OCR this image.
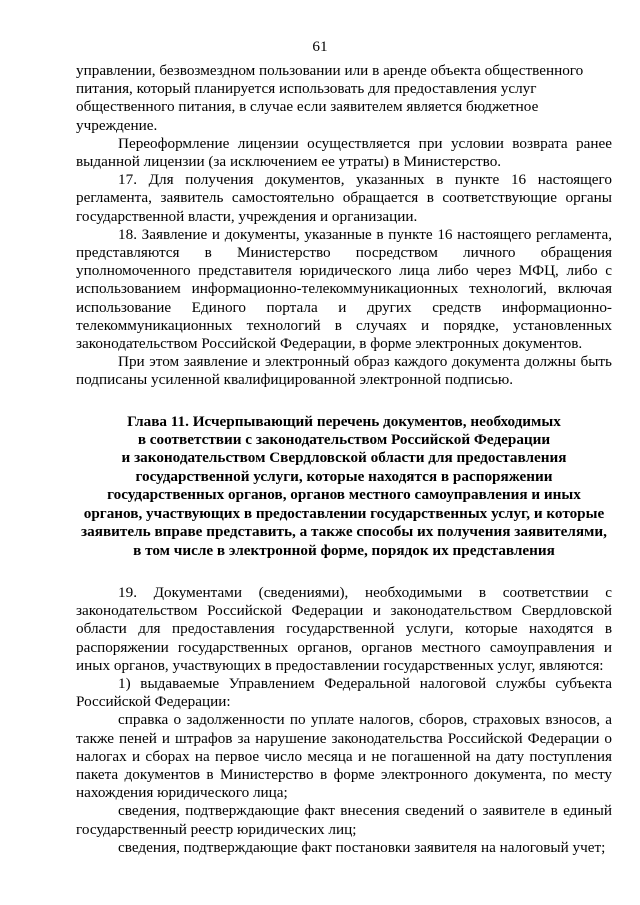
61

управлении, безвозмездном пользовании или в аренде объекта общественного питания, который планируется использовать для предоставления услуг общественного питания, в случае если заявителем является бюджетное учреждение.

Переоформление лицензии осуществляется при условии возврата ранее выданной лицензии (за исключением ее утраты) в Министерство.

17. Для получения документов, указанных в пункте 16 настоящего регламента, заявитель самостоятельно обращается в соответствующие органы государственной власти, учреждения и организации.

18. Заявление и документы, указанные в пункте 16 настоящего регламента, представляются в Министерство посредством личного обращения уполномоченного представителя юридического лица либо через МФЦ, либо с использованием информационно-телекоммуникационных технологий, включая использование Единого портала и других средств информационно-телекоммуникационных технологий в случаях и порядке, установленных законодательством Российской Федерации, в форме электронных документов.

При этом заявление и электронный образ каждого документа должны быть подписаны усиленной квалифицированной электронной подписью.

Глава 11. Исчерпывающий перечень документов, необходимых
в соответствии с законодательством Российской Федерации
и законодательством Свердловской области для предоставления
государственной услуги, которые находятся в распоряжении
государственных органов, органов местного самоуправления и иных
органов, участвующих в предоставлении государственных услуг, и которые
заявитель вправе представить, а также способы их получения заявителями,
в том числе в электронной форме, порядок их представления

19. Документами (сведениями), необходимыми в соответствии с законодательством Российской Федерации и законодательством Свердловской области для предоставления государственной услуги, которые находятся в распоряжении государственных органов, органов местного самоуправления и иных органов, участвующих в предоставлении государственных услуг, являются:

1) выдаваемые Управлением Федеральной налоговой службы субъекта Российской Федерации:

справка о задолженности по уплате налогов, сборов, страховых взносов, а также пеней и штрафов за нарушение законодательства Российской Федерации о налогах и сборах на первое число месяца и не погашенной на дату поступления пакета документов в Министерство в форме электронного документа, по месту нахождения юридического лица;

сведения, подтверждающие факт внесения сведений о заявителе в единый государственный реестр юридических лиц;

сведения, подтверждающие факт постановки заявителя на налоговый учет;
